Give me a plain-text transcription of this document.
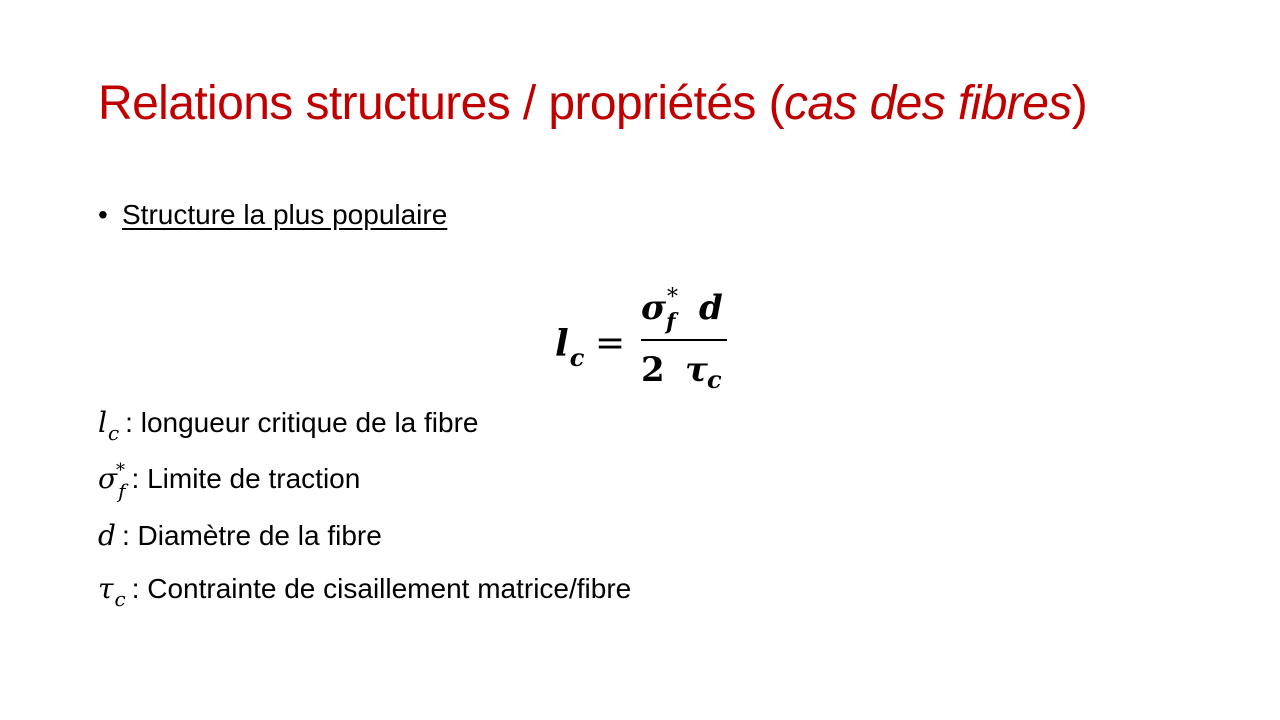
Relations structures / propriétés (cas des fibres)
• Structure la plus populaire
$l_c$ =
σ *
f d
2 τ c
$l_c$ : longueur critique de la fibre
σ
*
$_f$ : Limite de traction
d : Diamètre de la fibre
$\tau_c$ : Contrainte de cisaillement matrice/fibre
